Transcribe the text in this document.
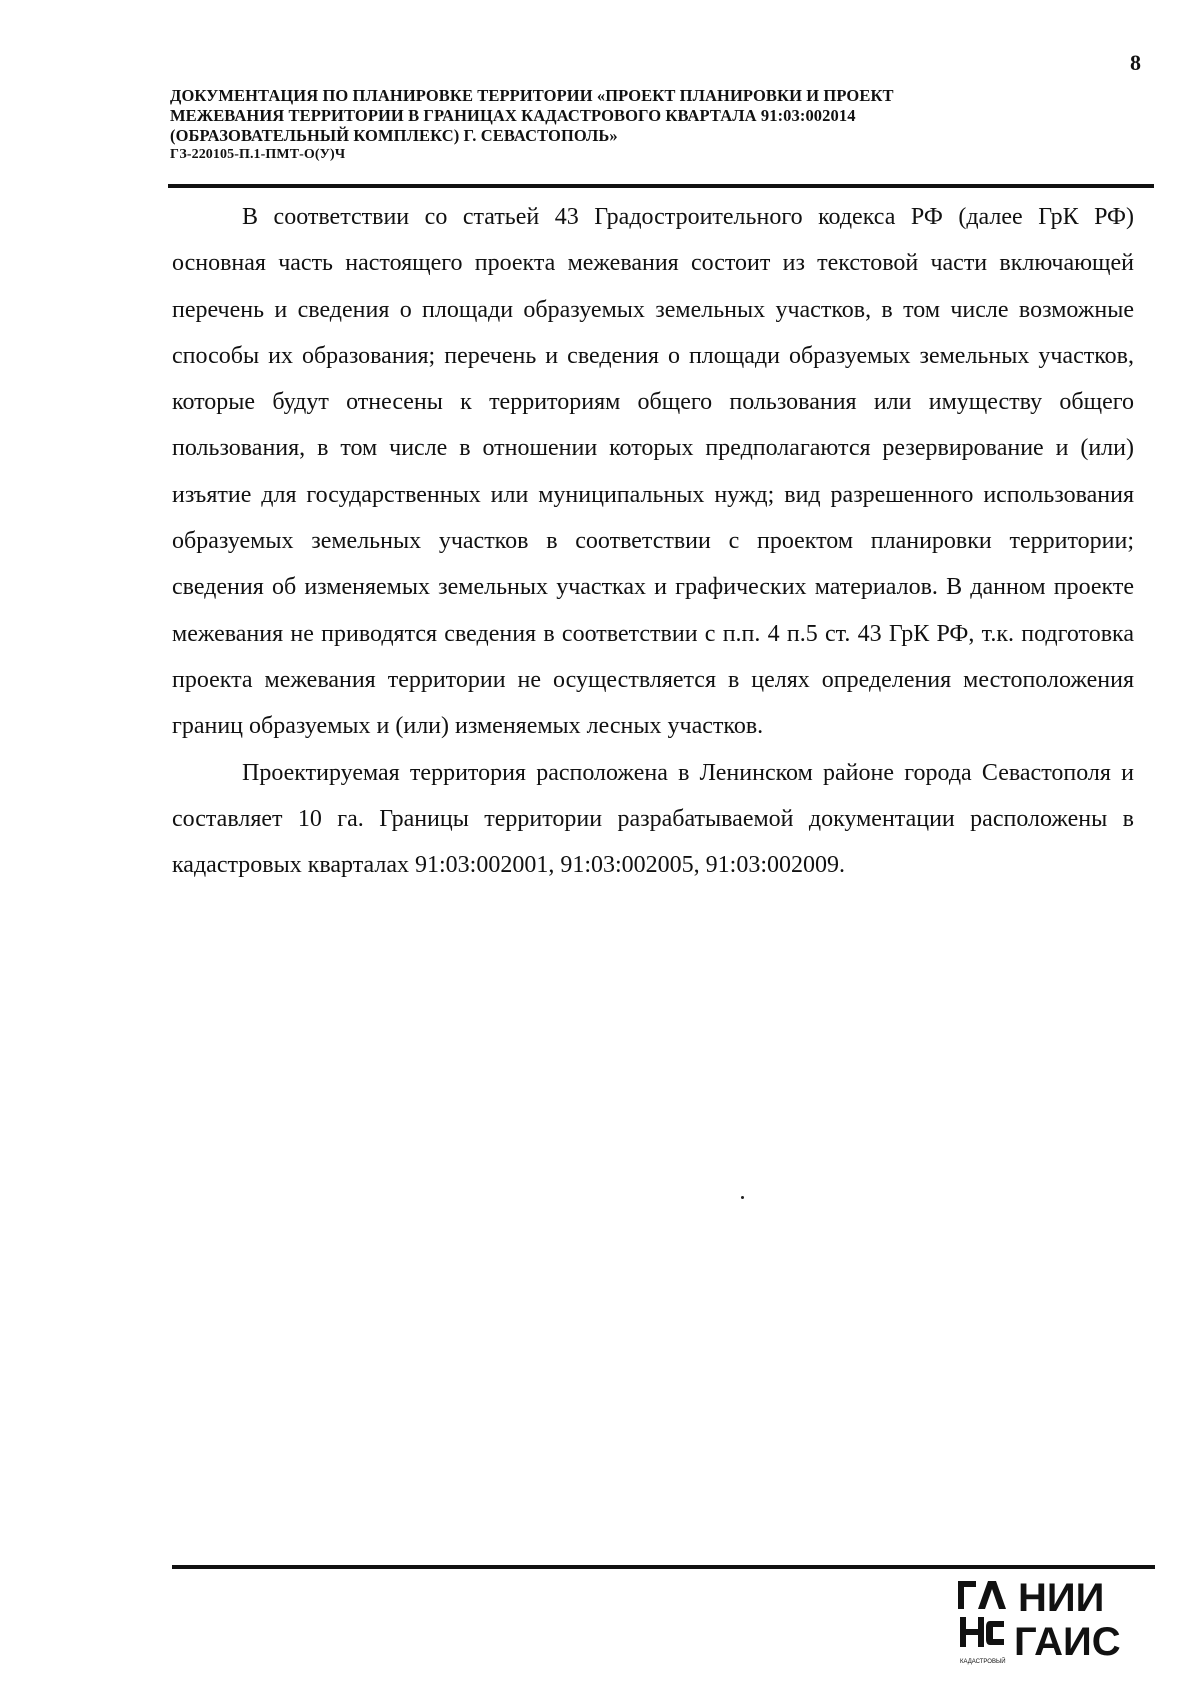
8
ДОКУМЕНТАЦИЯ ПО ПЛАНИРОВКЕ ТЕРРИТОРИИ «ПРОЕКТ ПЛАНИРОВКИ И ПРОЕКТ
МЕЖЕВАНИЯ ТЕРРИТОРИИ В ГРАНИЦАХ КАДАСТРОВОГО КВАРТАЛА 91:03:002014
(ОБРАЗОВАТЕЛЬНЫЙ КОМПЛЕКС) Г. СЕВАСТОПОЛЬ»
ГЗ-220105-П.1-ПМТ-О(У)Ч

В соответствии со статьей 43 Градостроительного кодекса РФ (далее ГрК РФ) основная часть настоящего проекта межевания состоит из текстовой части включающей перечень и сведения о площади образуемых земельных участков, в том числе возможные способы их образования; перечень и сведения о площади образуемых земельных участков, которые будут отнесены к территориям общего пользования или имуществу общего пользования, в том числе в отношении которых предполагаются резервирование и (или) изъятие для государственных или муниципальных нужд; вид разрешенного использования образуемых земельных участков в соответствии с проектом планировки территории; сведения об изменяемых земельных участках и графических материалов. В данном проекте межевания не приводятся сведения в соответствии с п.п. 4 п.5 ст. 43 ГрК РФ, т.к. подготовка проекта межевания территории не осуществляется в целях определения местоположения границ образуемых и (или) изменяемых лесных участков.

Проектируемая территория расположена в Ленинском районе города Севастополя и составляет 10 га. Границы территории разрабатываемой документации расположены в кадастровых кварталах 91:03:002001, 91:03:002005, 91:03:002009.

КАДАСТРОВЫЙ
НИИ
ГАИС
